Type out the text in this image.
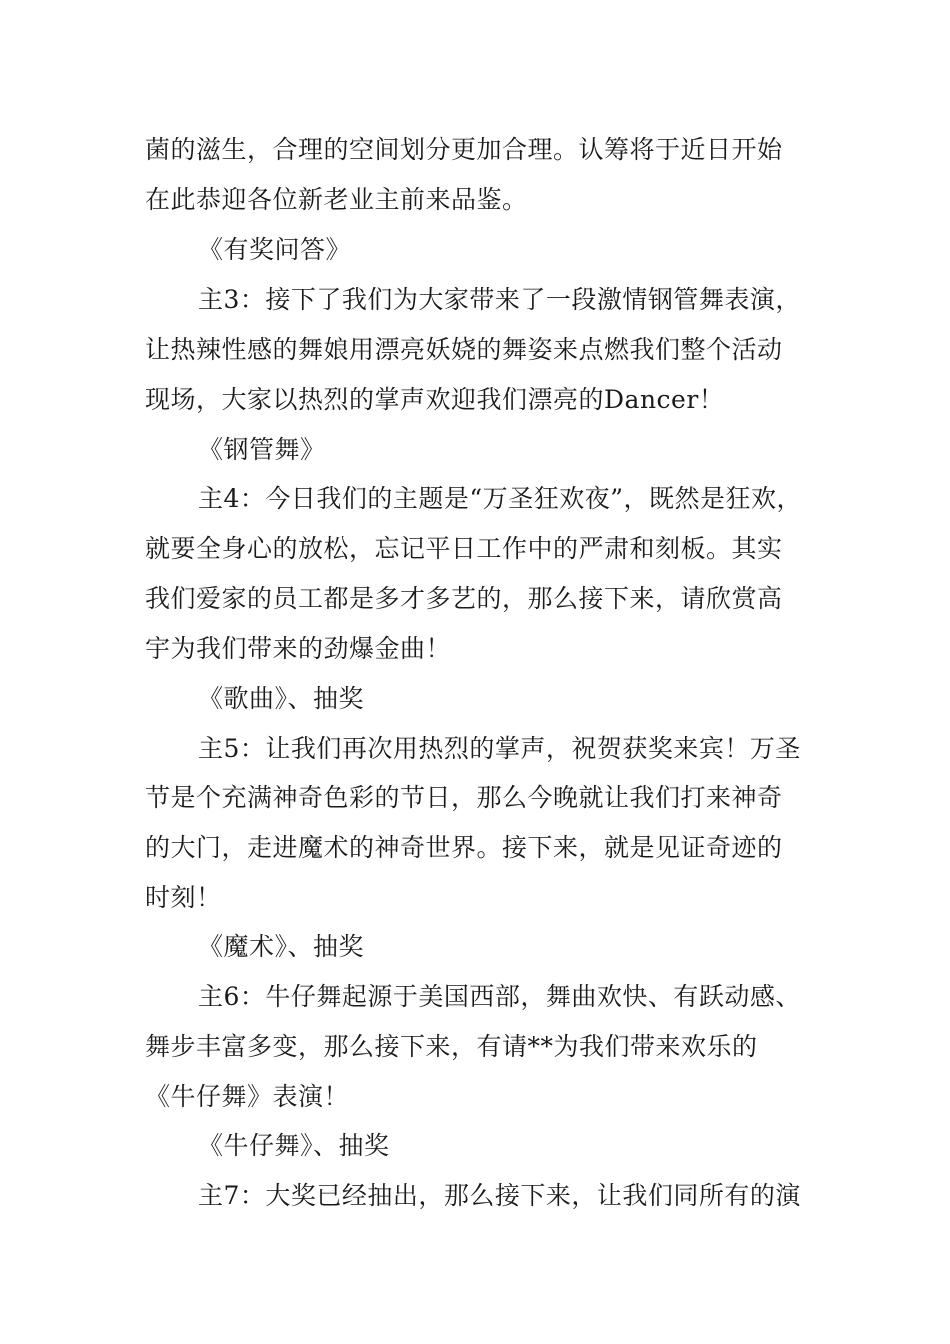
菌的滋生，合理的空间划分更加合理。认筹将于近日开始
在此恭迎各位新老业主前来品鉴。
《有奖问答》
主3：接下了我们为大家带来了一段激情钢管舞表演，
让热辣性感的舞娘用漂亮妖娆的舞姿来点燃我们整个活动
现场，大家以热烈的掌声欢迎我们漂亮的Dancer！
《钢管舞》
主4：今日我们的主题是“万圣狂欢夜”，既然是狂欢，
就要全身心的放松，忘记平日工作中的严肃和刻板。其实
我们爱家的员工都是多才多艺的，那么接下来，请欣赏高
宇为我们带来的劲爆金曲！
《歌曲》、抽奖
主5：让我们再次用热烈的掌声，祝贺获奖来宾！万圣
节是个充满神奇色彩的节日，那么今晚就让我们打来神奇
的大门，走进魔术的神奇世界。接下来，就是见证奇迹的
时刻！
《魔术》、抽奖
主6：牛仔舞起源于美国西部，舞曲欢快、有跃动感、
舞步丰富多变，那么接下来，有请**为我们带来欢乐的
《牛仔舞》表演！
《牛仔舞》、抽奖
主7：大奖已经抽出，那么接下来，让我们同所有的演
